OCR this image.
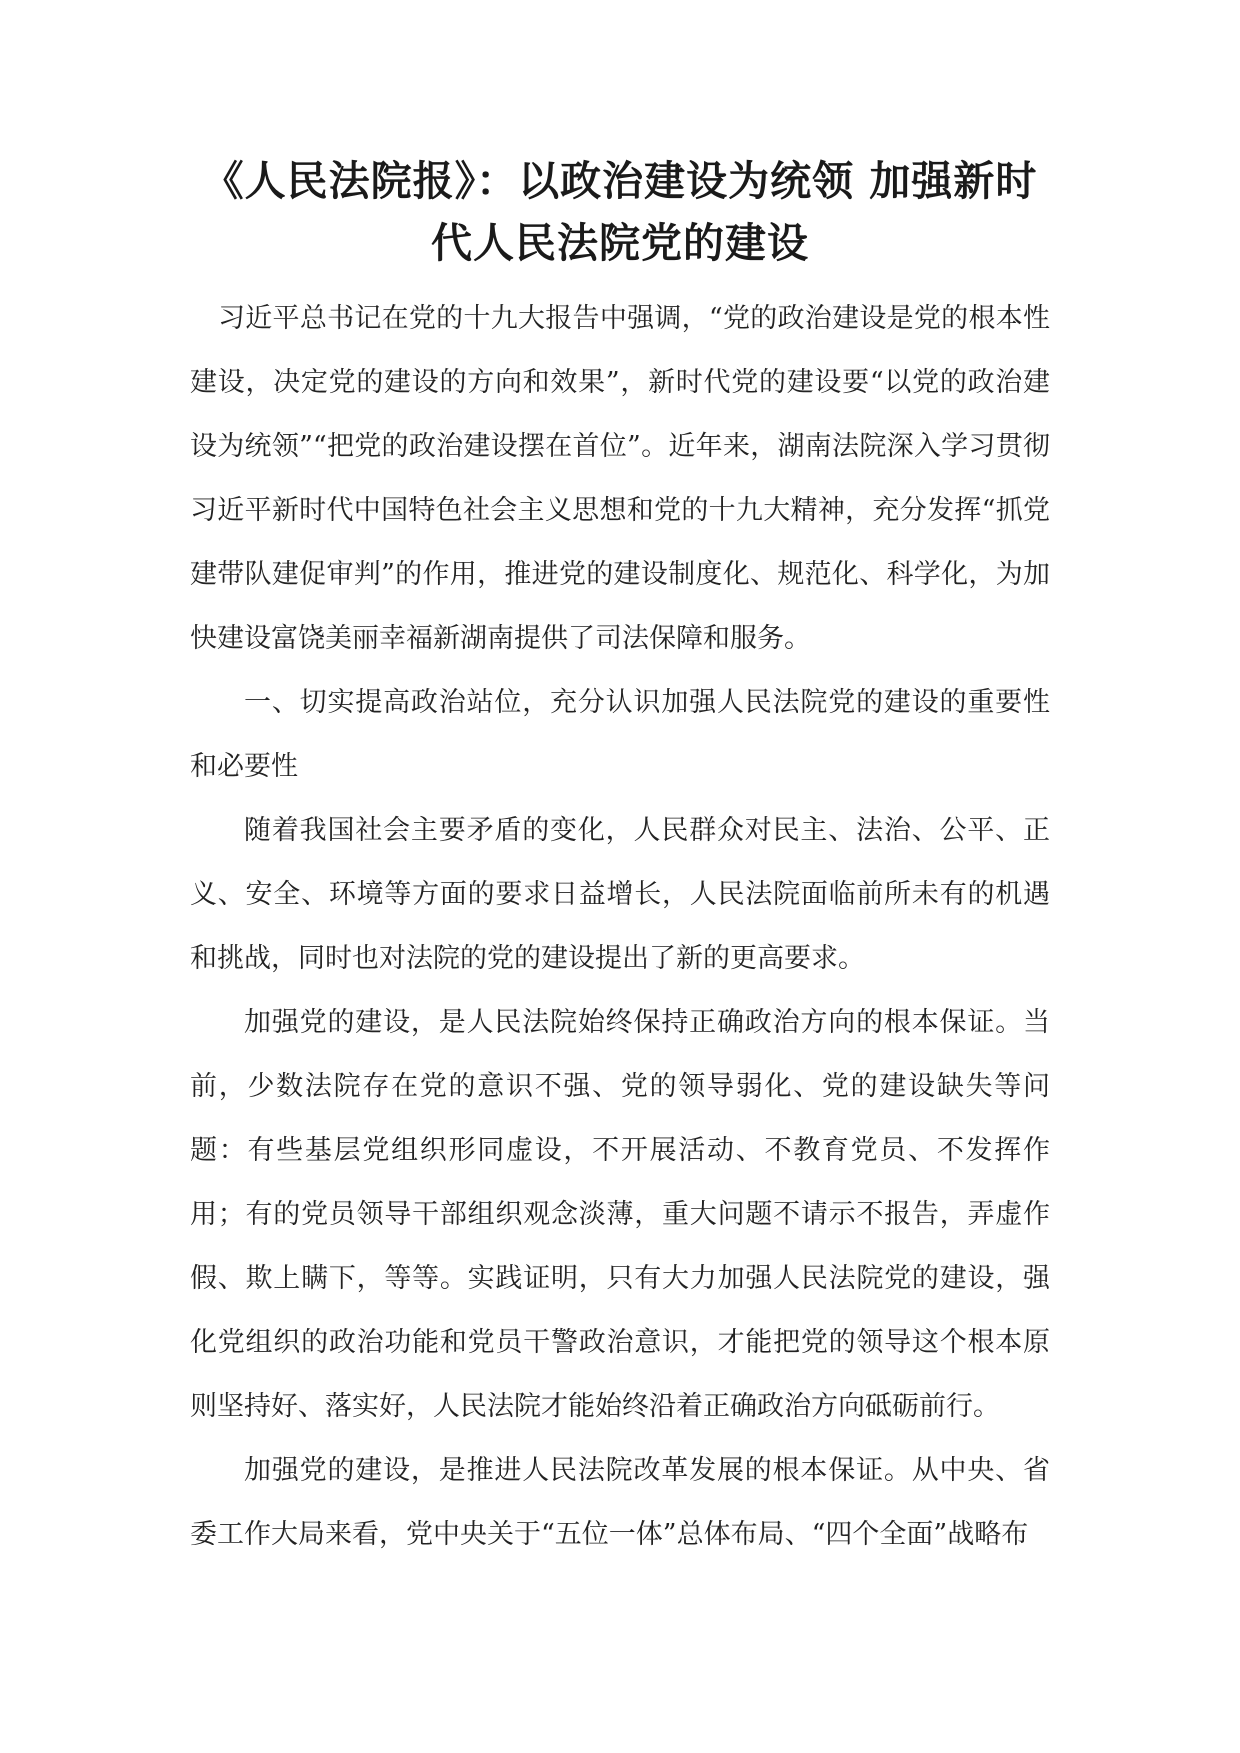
《人民法院报》：以政治建设为统领 加强新时代人民法院党的建设

习近平总书记在党的十九大报告中强调，“党的政治建设是党的根本性建设，决定党的建设的方向和效果”，新时代党的建设要“以党的政治建设为统领”“把党的政治建设摆在首位”。近年来，湖南法院深入学习贯彻习近平新时代中国特色社会主义思想和党的十九大精神，充分发挥“抓党建带队建促审判”的作用，推进党的建设制度化、规范化、科学化，为加快建设富饶美丽幸福新湖南提供了司法保障和服务。

一、切实提高政治站位，充分认识加强人民法院党的建设的重要性和必要性

随着我国社会主要矛盾的变化，人民群众对民主、法治、公平、正义、安全、环境等方面的要求日益增长，人民法院面临前所未有的机遇和挑战，同时也对法院的党的建设提出了新的更高要求。

加强党的建设，是人民法院始终保持正确政治方向的根本保证。当前，少数法院存在党的意识不强、党的领导弱化、党的建设缺失等问题：有些基层党组织形同虚设，不开展活动、不教育党员、不发挥作用；有的党员领导干部组织观念淡薄，重大问题不请示不报告，弄虚作假、欺上瞒下，等等。实践证明，只有大力加强人民法院党的建设，强化党组织的政治功能和党员干警政治意识，才能把党的领导这个根本原则坚持好、落实好，人民法院才能始终沿着正确政治方向砥砺前行。

加强党的建设，是推进人民法院改革发展的根本保证。从中央、省委工作大局来看，党中央关于“五位一体”总体布局、“四个全面”战略布
